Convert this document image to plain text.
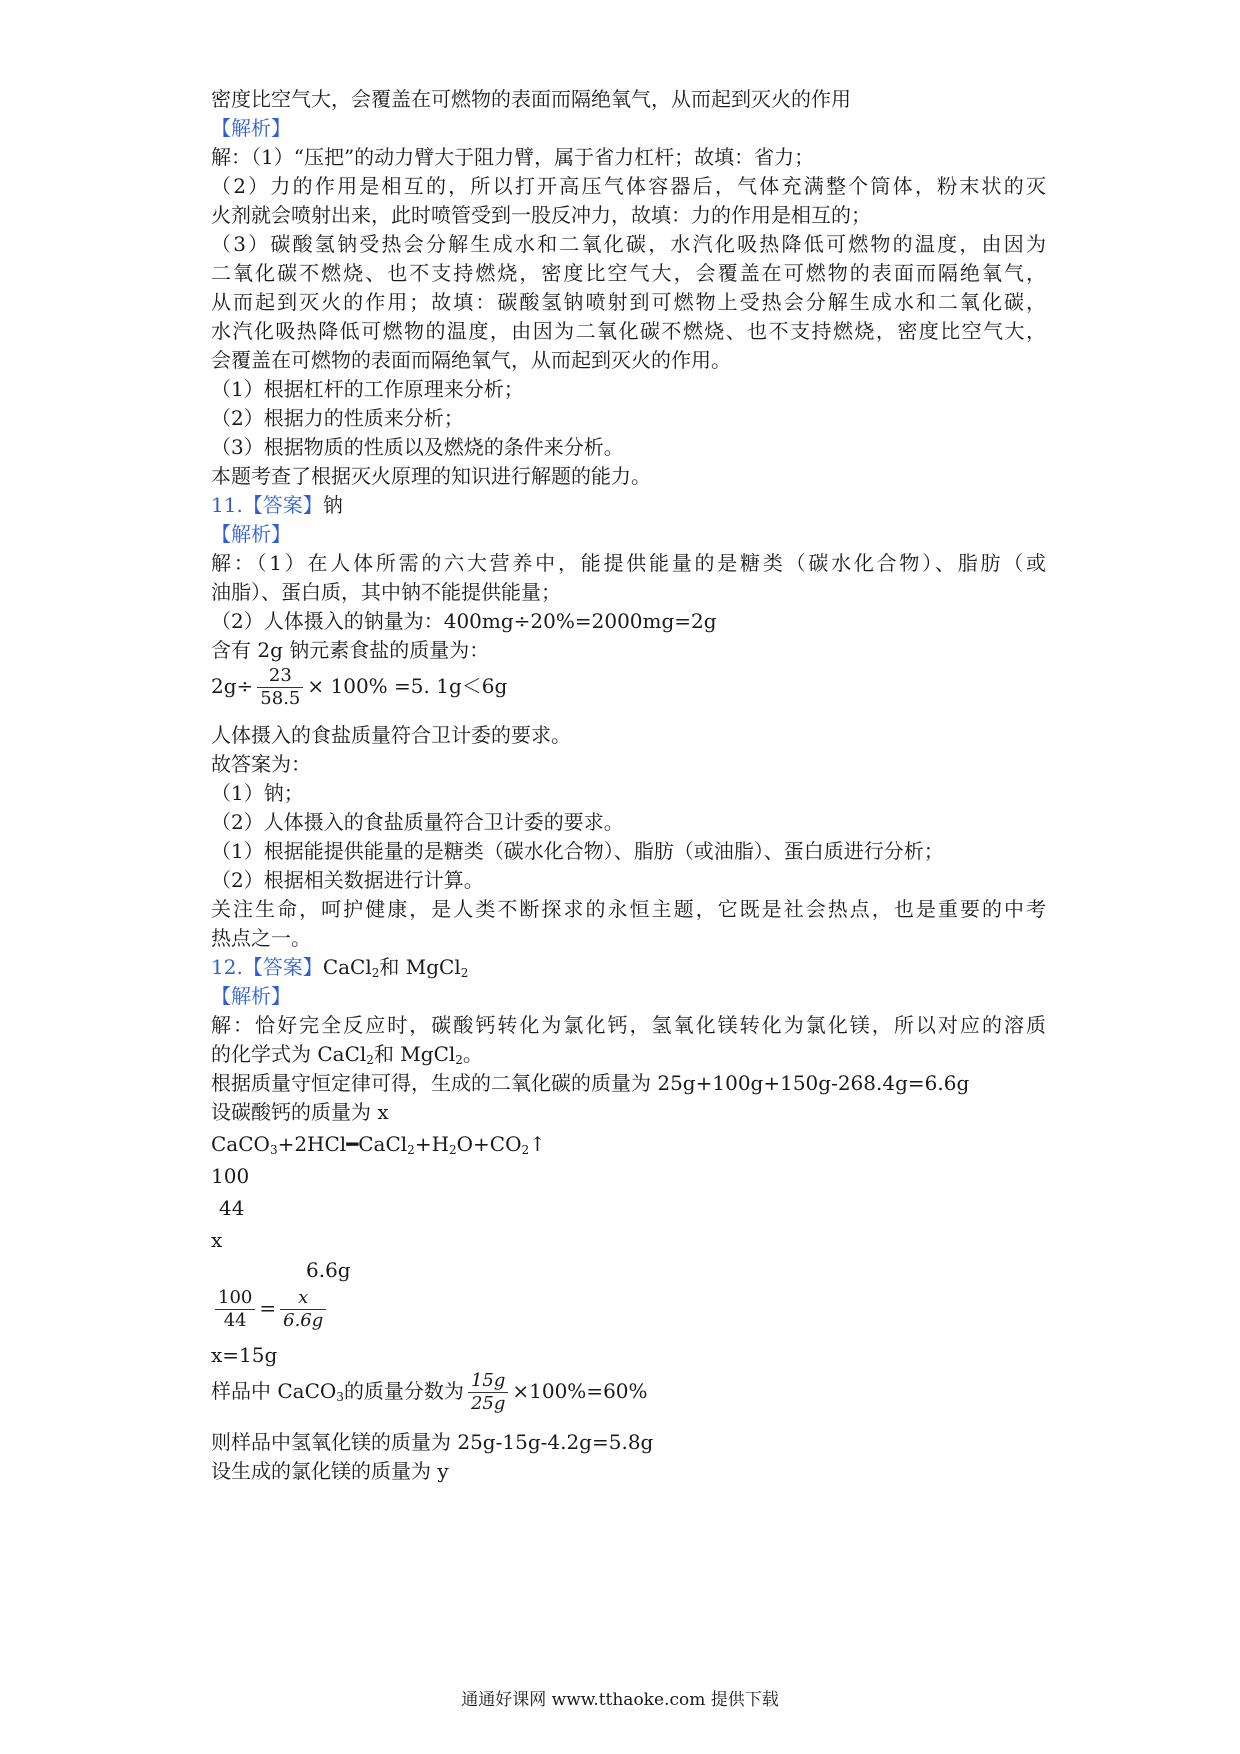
密度比空气大，会覆盖在可燃物的表面而隔绝氧气，从而起到灭火的作用
【解析】
解：（1）“压把”的动力臂大于阻力臂，属于省力杠杆；故填：省力；
（2）力的作用是相互的，所以打开高压气体容器后，气体充满整个筒体，粉末状的灭
火剂就会喷射出来，此时喷管受到一股反冲力，故填：力的作用是相互的；
（3）碳酸氢钠受热会分解生成水和二氧化碳，水汽化吸热降低可燃物的温度，由因为
二氧化碳不燃烧、也不支持燃烧，密度比空气大，会覆盖在可燃物的表面而隔绝氧气，
从而起到灭火的作用；故填：碳酸氢钠喷射到可燃物上受热会分解生成水和二氧化碳，
水汽化吸热降低可燃物的温度，由因为二氧化碳不燃烧、也不支持燃烧，密度比空气大，
会覆盖在可燃物的表面而隔绝氧气，从而起到灭火的作用。
（1）根据杠杆的工作原理来分析；
（2）根据力的性质来分析；
（3）根据物质的性质以及燃烧的条件来分析。
本题考查了根据灭火原理的知识进行解题的能力。
11.【答案】钠
【解析】
解：（1）在人体所需的六大营养中，能提供能量的是糖类（碳水化合物）、脂肪（或
油脂）、蛋白质，其中钠不能提供能量；
（2）人体摄入的钠量为：400mg÷20%=2000mg=2g
含有 2g 钠元素食盐的质量为：
$2g\div \frac{23}{58.5} \times 100\% =5$. 1g＜6g
人体摄入的食盐质量符合卫计委的要求。
故答案为：
（1）钠；
（2）人体摄入的食盐质量符合卫计委的要求。
（1）根据能提供能量的是糖类（碳水化合物）、脂肪（或油脂）、蛋白质进行分析；
（2）根据相关数据进行计算。
关注生命，呵护健康，是人类不断探求的永恒主题，它既是社会热点，也是重要的中考
热点之一。
12.【答案】CaCl$_2$和 MgCl$_2$
【解析】
解：恰好完全反应时，碳酸钙转化为氯化钙，氢氧化镁转化为氯化镁，所以对应的溶质
的化学式为 CaCl$_2$和 MgCl$_2$。
根据质量守恒定律可得，生成的二氧化碳的质量为 25g+100g+150g-268.4g=6.6g
设碳酸钙的质量为 x
$CaCO_3+2HCl━CaCl_2+H_2O+CO_2↑$
100
44
x
6.6g
$\frac{100}{44} = \frac{x}{6.6g}$
x=15g
样品中 CaCO$_3$的质量分数为 $\frac{15g}{25g} \times 100\%=60\%$
则样品中氢氧化镁的质量为 25g-15g-4.2g=5.8g
设生成的氯化镁的质量为 y
通通好课网 www.tthaoke.com 提供下载
